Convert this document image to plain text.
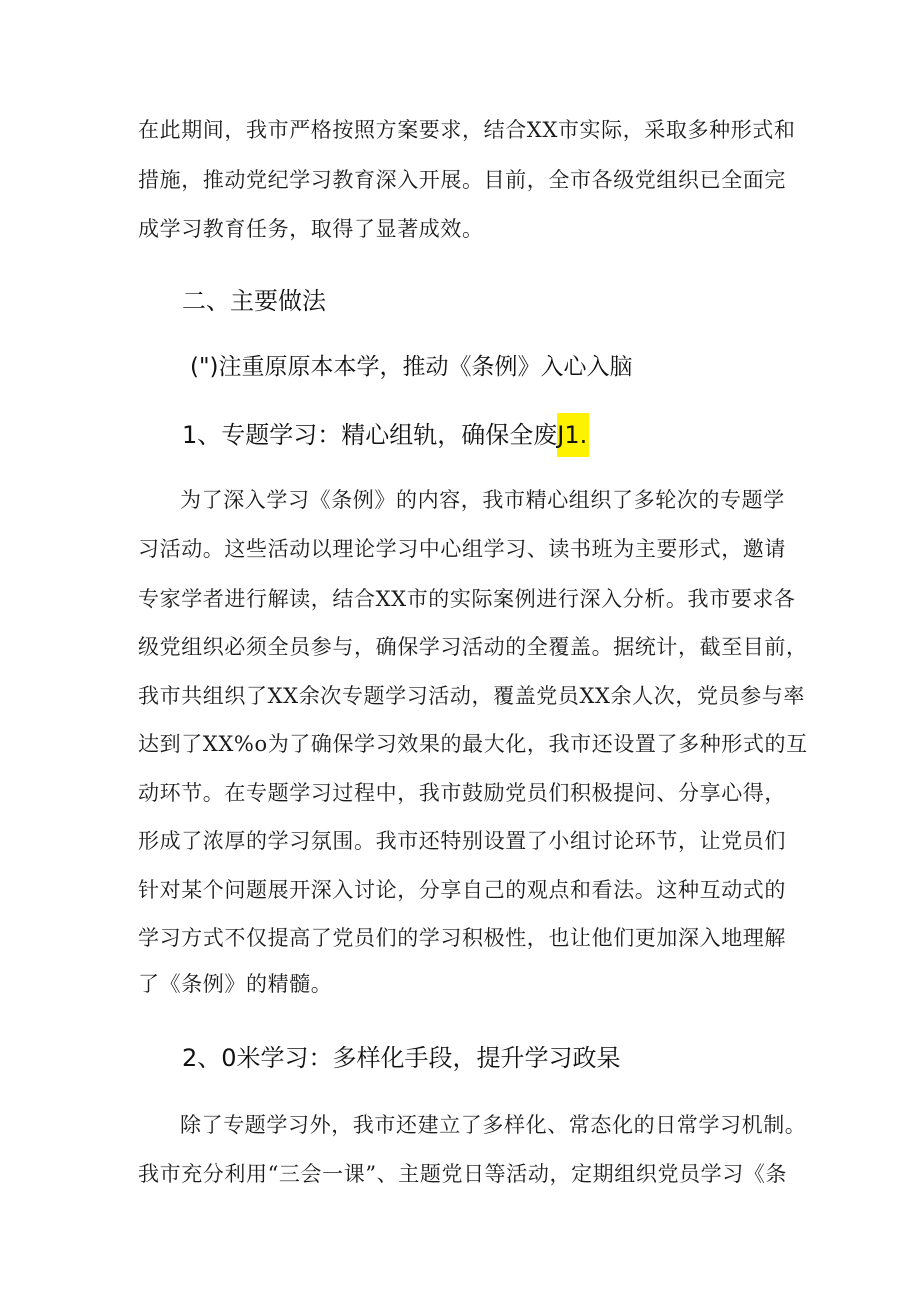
在此期间，我市严格按照方案要求，结合XX市实际，采取多种形式和
措施，推动党纪学习教育深入开展。目前，全市各级党组织已全面完
成学习教育任务，取得了显著成效。
二、主要做法
(")注重原原本本学，推动《条例》入心入脑
1、专题学习：精心组轨，确保全废J1.
为了深入学习《条例》的内容，我市精心组织了多轮次的专题学
习活动。这些活动以理论学习中心组学习、读书班为主要形式，邀请
专家学者进行解读，结合XX市的实际案例进行深入分析。我市要求各
级党组织必须全员参与，确保学习活动的全覆盖。据统计，截至目前，
我市共组织了XX余次专题学习活动，覆盖党员XX余人次，党员参与率
达到了XX%o为了确保学习效果的最大化，我市还设置了多种形式的互
动环节。在专题学习过程中，我市鼓励党员们积极提问、分享心得，
形成了浓厚的学习氛围。我市还特别设置了小组讨论环节，让党员们
针对某个问题展开深入讨论，分享自己的观点和看法。这种互动式的
学习方式不仅提高了党员们的学习积极性，也让他们更加深入地理解
了《条例》的精髓。
2、0米学习：多样化手段，提升学习政杲
除了专题学习外，我市还建立了多样化、常态化的日常学习机制。
我市充分利用“三会一课”、主题党日等活动，定期组织党员学习《条
